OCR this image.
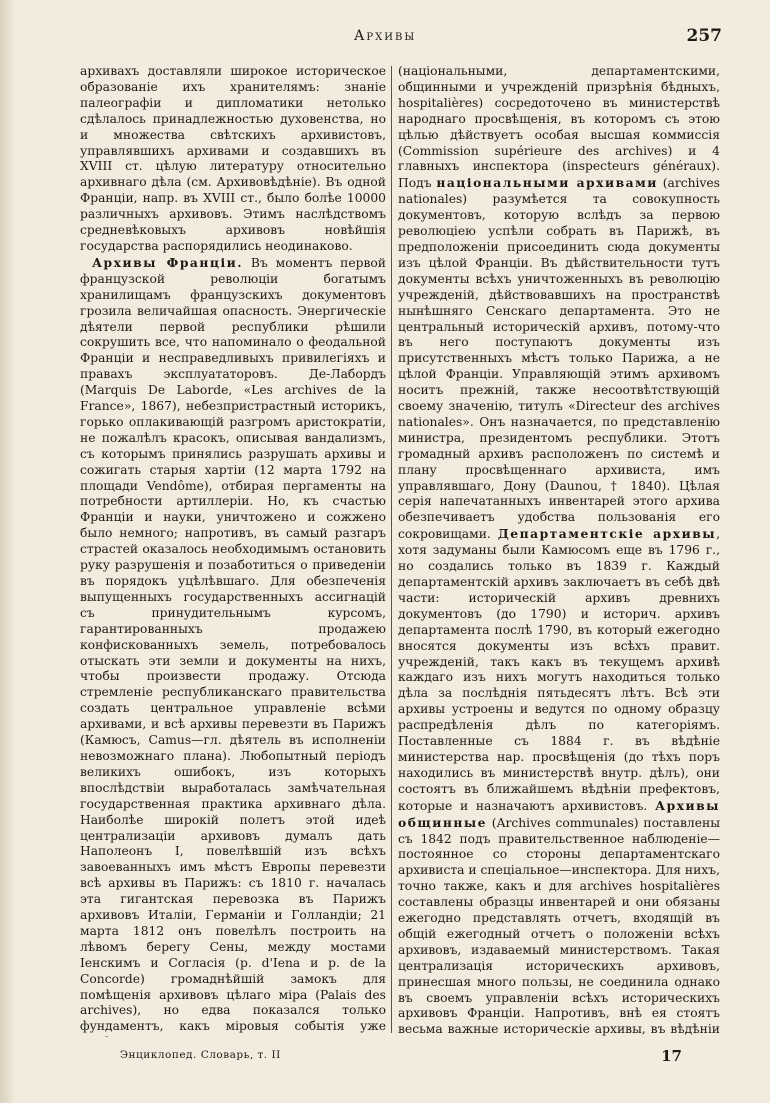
Архивы	257

архивахъ доставляли широкое историческое образованіе ихъ хранителямъ: знаніе палеографіи и дипломатики нетолько сдѣлалось принадлежностью духовенства, но и множества свѣтскихъ архивистовъ, управлявшихъ архивами и создавшихъ въ XVIII ст. цѣлую литературу относительно архивнаго дѣла (см. Архивовѣдѣніе). Въ одной Франціи, напр. въ XVIII ст., было болѣе 10000 различныхъ архивовъ. Этимъ наслѣдствомъ средневѣковыхъ архивовъ новѣйшія государства распорядились неодинаково.

Архивы Франціи. Въ моментъ первой французской революціи богатымъ хранилищамъ французскихъ документовъ грозила величайшая опасность. Энергическіе дѣятели первой республики рѣшили сокрушить все, что напоминало о феодальной Франціи и несправедливыхъ привилегіяхъ и правахъ эксплуататоровъ. Де-Лабордъ (Marquis De Laborde, «Les archives de la France», 1867), небезпристрастный историкъ, горько оплакивающій разгромъ аристократіи, не пожалѣлъ красокъ, описывая вандализмъ, съ которымъ принялись разрушать архивы и сожигать старыя хартіи (12 марта 1792 на площади Vendôme), отбирая пергаменты на потребности артиллеріи. Но, къ счастью Франціи и науки, уничтожено и сожжено было немного; напротивъ, въ самый разгаръ страстей оказалось необходимымъ остановить руку разрушенія и позаботиться о приведеніи въ порядокъ уцѣлѣвшаго. Для обезпеченія выпущенныхъ государственныхъ ассигнацій съ принудительнымъ курсомъ, гарантированныхъ продажею конфискованныхъ земель, потребовалось отыскать эти земли и документы на нихъ, чтобы произвести продажу. Отсюда стремленіе республиканскаго правительства создать центральное управленіе всѣми архивами, и всѣ архивы перевезти въ Парижъ (Камюсъ, Camus—гл. дѣятель въ исполненіи невозможнаго плана). Любопытный періодъ великихъ ошибокъ, изъ которыхъ впослѣдствіи выработалась замѣчательная государственная практика архивнаго дѣла. Наиболѣе широкій полетъ этой идеѣ централизаціи архивовъ думалъ дать Наполеонъ I, повелѣвшій изъ всѣхъ завоеванныхъ имъ мѣстъ Европы перевезти всѣ архивы въ Парижъ: съ 1810 г. началась эта гигантская перевозка въ Парижъ архивовъ Италіи, Германіи и Голландіи; 21 марта 1812 онъ повелѣлъ построить на лѣвомъ берегу Сены, между мостами Іенскимъ и Согласія (p. d'Iena и p. de la Concorde) громаднѣйшій замокъ для помѣщенія архивовъ цѣлаго міра (Palais des archives), но едва показался только фундаментъ, какъ міровыя событія уже

(національными, департаментскими, общинными и учрежденій призрѣнія бѣдныхъ, hospitalières) сосредоточено въ министерствѣ народнаго просвѣщенія, въ которомъ съ этою цѣлью дѣйствуетъ особая высшая коммиссія (Commission supérieure des archives) и 4 главныхъ инспектора (inspecteurs généraux). Подъ національными архивами (archives nationales) разумѣется та совокупность документовъ, которую вслѣдъ за первою революціею успѣли собрать въ Парижѣ, въ предположеніи присоединить сюда документы изъ цѣлой Франціи. Въ дѣйствительности тутъ документы всѣхъ уничтоженныхъ въ революцію учрежденій, дѣйствовавшихъ на пространствѣ нынѣшняго Сенскаго департамента. Это не центральный историческій архивъ, потому-что въ него поступаютъ документы изъ присутственныхъ мѣстъ только Парижа, а не цѣлой Франціи. Управляющій этимъ архивомъ носитъ прежній, также несоотвѣтствующій своему значенію, титулъ «Directeur des archives nationales». Онъ назначается, по представленію министра, президентомъ республики. Этотъ громадный архивъ расположенъ по системѣ и плану просвѣщеннаго архивиста, имъ управлявшаго, Дону (Daunou, † 1840). Цѣлая серія напечатанныхъ инвентарей этого архива обезпечиваетъ удобства пользованія его сокровищами. Департаментскіе архивы, хотя задуманы были Камюсомъ еще въ 1796 г., но создались только въ 1839 г. Каждый департаментскій архивъ заключаетъ въ себѣ двѣ части: историческій архивъ древнихъ документовъ (до 1790) и историч. архивъ департамента послѣ 1790, въ который ежегодно вносятся документы изъ всѣхъ правит. учрежденій, такъ какъ въ текущемъ архивѣ каждаго изъ нихъ могутъ находиться только дѣла за послѣднія пятьдесятъ лѣтъ. Всѣ эти архивы устроены и ведутся по одному образцу распредѣленія дѣлъ по категоріямъ. Поставленные съ 1884 г. въ вѣдѣніе министерства нар. просвѣщенія (до тѣхъ поръ находились въ министерствѣ внутр. дѣлъ), они состоятъ въ ближайшемъ вѣдѣніи префектовъ, которые и назначаютъ архивистовъ. Архивы общинные (Archives communales) поставлены съ 1842 подъ правительственное наблюденіе—постоянное со стороны департаментскаго архивиста и спеціальное—инспектора. Для нихъ, точно также, какъ и для archives hospitalières составлены образцы инвентарей и они обязаны ежегодно представлять отчетъ, входящій въ общій ежегодный отчетъ о положеніи всѣхъ архивовъ, издаваемый министерствомъ. Такая централизація историческихъ архивовъ, принесшая много пользы, не соединила однако въ своемъ управленіи всѣхъ историческихъ архивовъ Франціи. Напротивъ, внѣ ея стоятъ весьма важные историческіе архивы, въ вѣдѣніи

Энциклопед. Словарь, т. II	17
